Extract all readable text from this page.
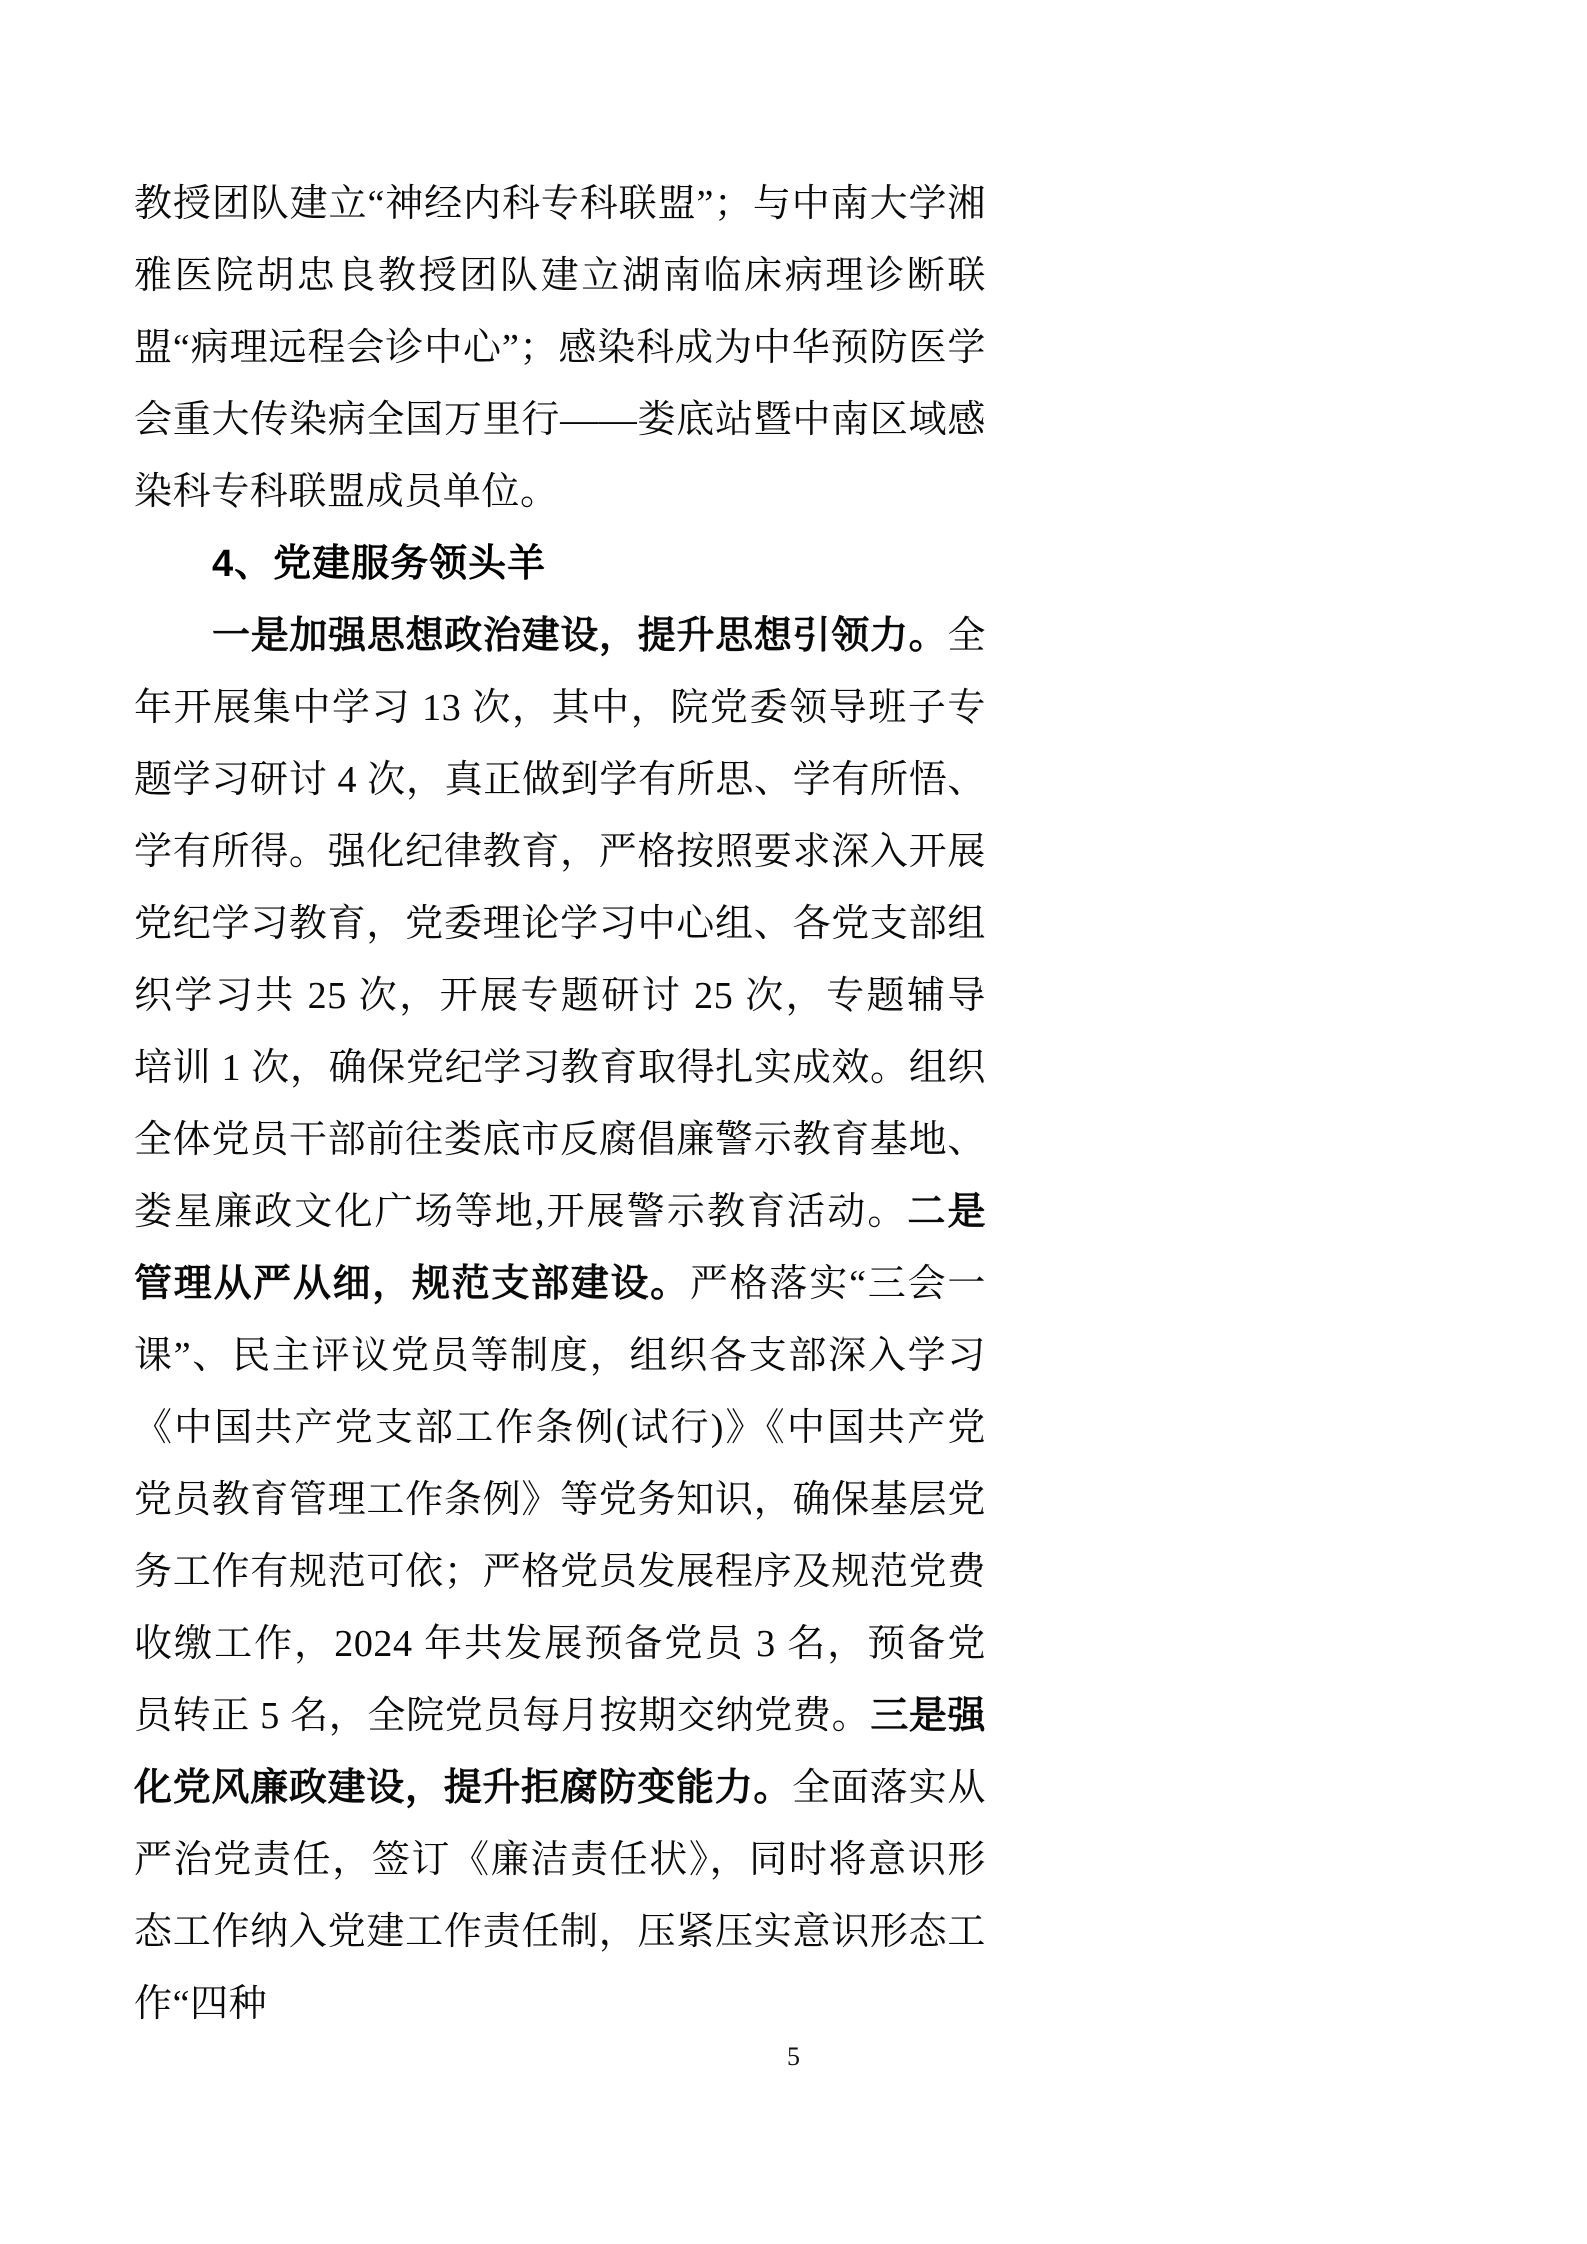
教授团队建立“神经内科专科联盟”；与中南大学湘雅医院胡忠良教授团队建立湖南临床病理诊断联盟“病理远程会诊中心”；感染科成为中华预防医学会重大传染病全国万里行——娄底站暨中南区域感染科专科联盟成员单位。

4、党建服务领头羊

一是加强思想政治建设，提升思想引领力。全年开展集中学习 13 次，其中，院党委领导班子专题学习研讨 4 次，真正做到学有所思、学有所悟、学有所得。强化纪律教育，严格按照要求深入开展党纪学习教育，党委理论学习中心组、各党支部组织学习共 25 次，开展专题研讨 25 次，专题辅导培训 1 次，确保党纪学习教育取得扎实成效。组织全体党员干部前往娄底市反腐倡廉警示教育基地、娄星廉政文化广场等地,开展警示教育活动。二是管理从严从细，规范支部建设。严格落实“三会一课”、民主评议党员等制度，组织各支部深入学习《中国共产党支部工作条例(试行)》《中国共产党党员教育管理工作条例》等党务知识，确保基层党务工作有规范可依；严格党员发展程序及规范党费收缴工作，2024 年共发展预备党员 3 名，预备党员转正 5 名，全院党员每月按期交纳党费。三是强化党风廉政建设，提升拒腐防变能力。全面落实从严治党责任，签订《廉洁责任状》，同时将意识形态工作纳入党建工作责任制，压紧压实意识形态工作“四种

5
